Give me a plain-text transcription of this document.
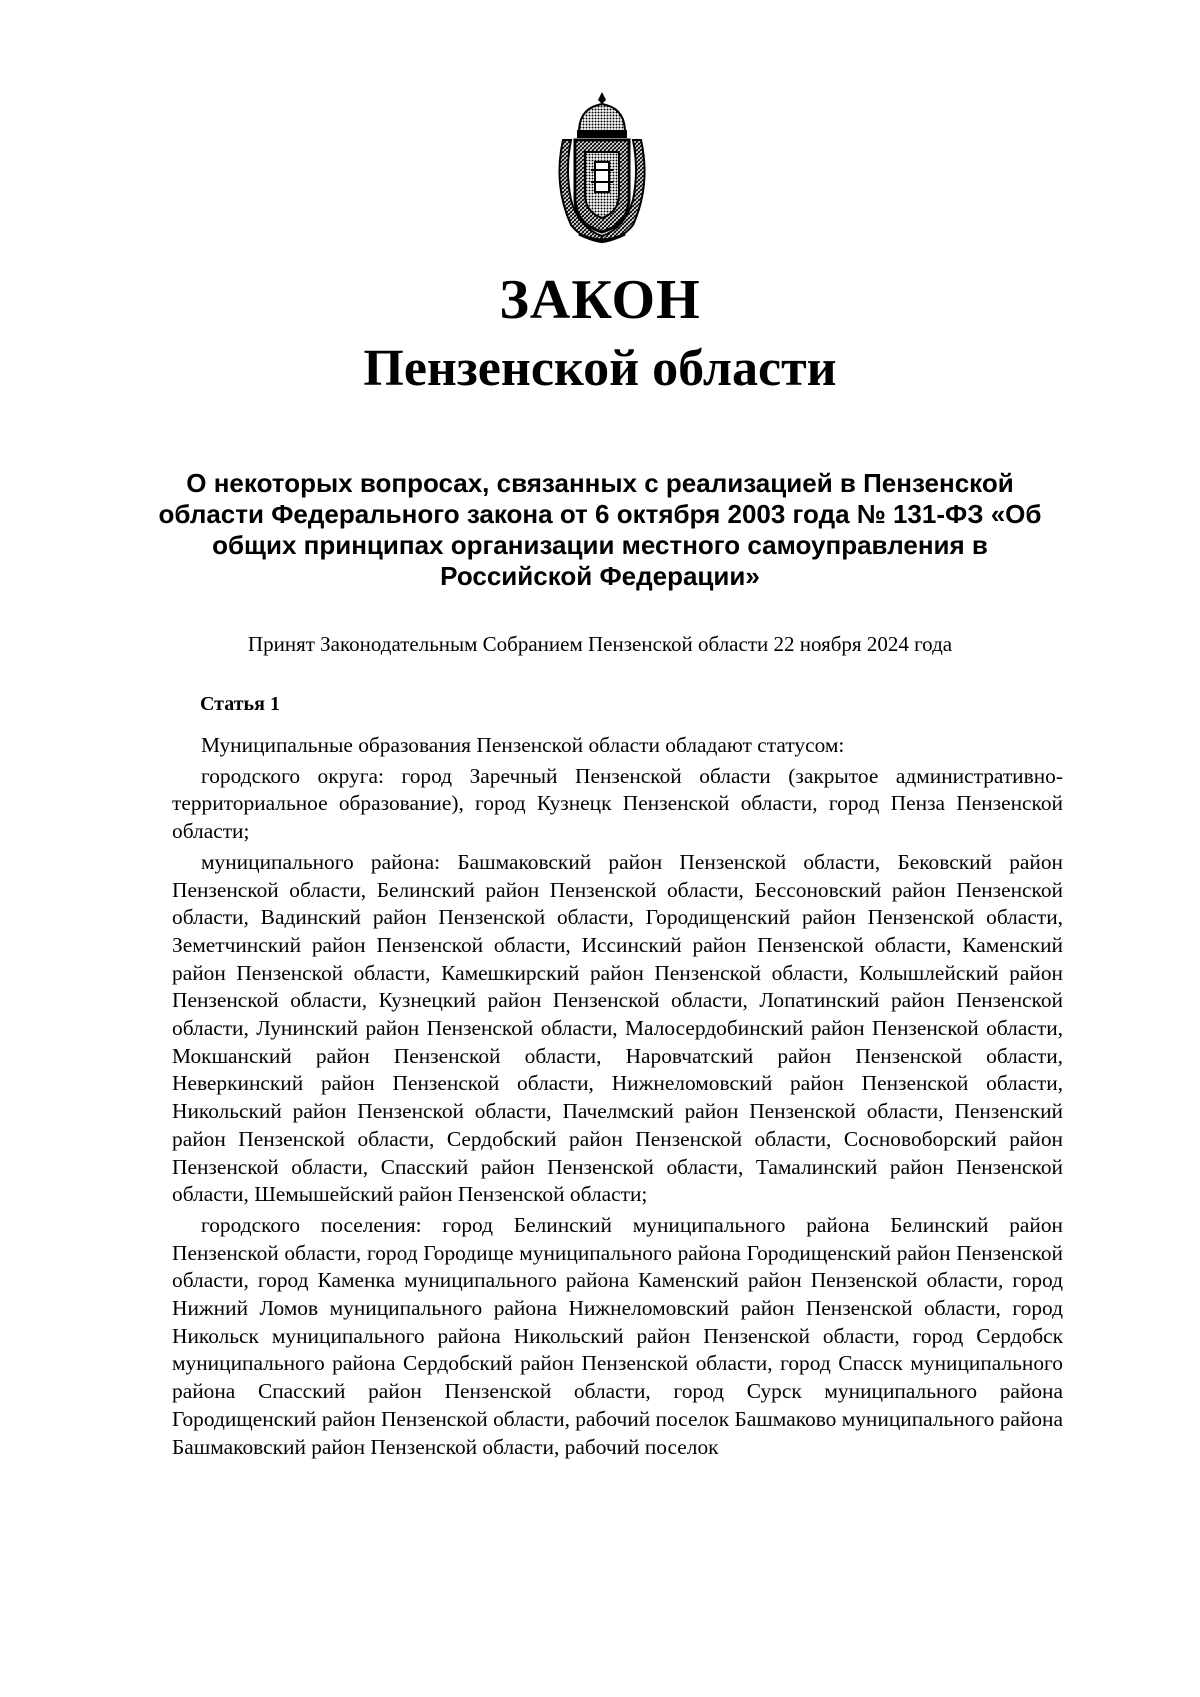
ЗАКОН
Пензенской области
О некоторых вопросах, связанных с реализацией в Пензенской области Федерального закона от 6 октября 2003 года № 131-ФЗ «Об общих принципах организации местного самоуправления в Российской Федерации»
Принят Законодательным Собранием Пензенской области 22 ноября 2024 года
Статья 1

Муниципальные образования Пензенской области обладают статусом:

городского округа: город Заречный Пензенской области (закрытое административно-территориальное образование), город Кузнецк Пензенской области, город Пенза Пензенской области;

муниципального района: Башмаковский район Пензенской области, Бековский район Пензенской области, Белинский район Пензенской области, Бессоновский район Пензенской области, Вадинский район Пензенской области, Городищенский район Пензенской области, Земетчинский район Пензенской области, Иссинский район Пензенской области, Каменский район Пензенской области, Камешкирский район Пензенской области, Колышлейский район Пензенской области, Кузнецкий район Пензенской области, Лопатинский район Пензенской области, Лунинский район Пензенской области, Малосердобинский район Пензенской области, Мокшанский район Пензенской области, Наровчатский район Пензенской области, Неверкинский район Пензенской области, Нижнеломовский район Пензенской области, Никольский район Пензенской области, Пачелмский район Пензенской области, Пензенский район Пензенской области, Сердобский район Пензенской области, Сосновоборский район Пензенской области, Спасский район Пензенской области, Тамалинский район Пензенской области, Шемышейский район Пензенской области;

городского поселения: город Белинский муниципального района Белинский район Пензенской области, город Городище муниципального района Городищенский район Пензенской области, город Каменка муниципального района Каменский район Пензенской области, город Нижний Ломов муниципального района Нижнеломовский район Пензенской области, город Никольск муниципального района Никольский район Пензенской области, город Сердобск муниципального района Сердобский район Пензенской области, город Спасск муниципального района Спасский район Пензенской области, город Сурск муниципального района Городищенский район Пензенской области, рабочий поселок Башмаково муниципального района Башмаковский район Пензенской области, рабочий поселок
